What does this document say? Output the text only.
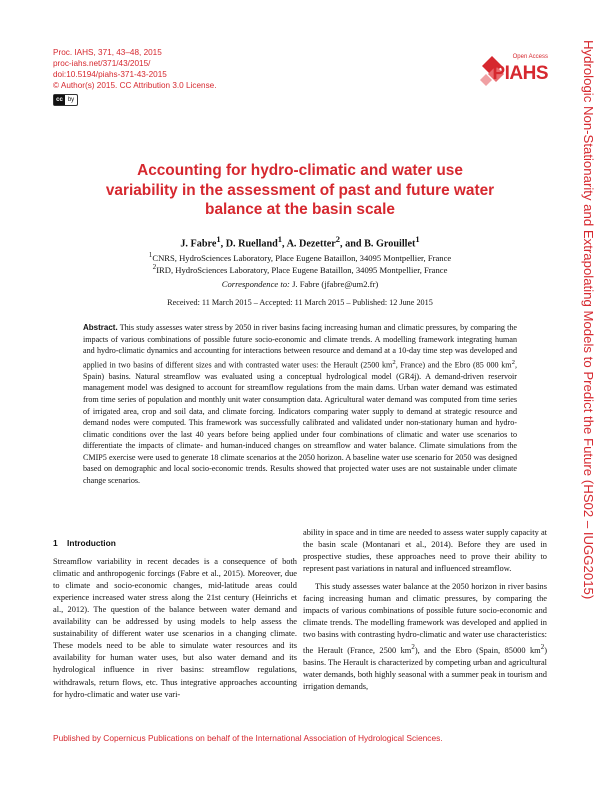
Proc. IAHS, 371, 43–48, 2015
proc-iahs.net/371/43/2015/
doi:10.5194/piahs-371-43-2015
© Author(s) 2015. CC Attribution 3.0 License.
cc by
Open Access
PIAHS	Hydrologic Non-Stationarity and Extrapolating Models to Predict the Future (HS02 – IUGG2015)
Accounting for hydro-climatic and water use variability in the assessment of past and future water balance at the basin scale
J. Fabre$^1$, D. Ruelland$^1$, A. Dezetter$^2$, and B. Grouillet$^1$
$^1$CNRS, HydroSciences Laboratory, Place Eugene Bataillon, 34095 Montpellier, France
$^2$IRD, HydroSciences Laboratory, Place Eugene Bataillon, 34095 Montpellier, France
Correspondence to: J. Fabre (jfabre@um2.fr)
Received: 11 March 2015 – Accepted: 11 March 2015 – Published: 12 June 2015
Abstract. This study assesses water stress by 2050 in river basins facing increasing human and climatic pressures, by comparing the impacts of various combinations of possible future socio-economic and climate trends. A modelling framework integrating human and hydro-climatic dynamics and accounting for interactions between resource and demand at a 10-day time step was developed and applied in two basins of different sizes and with contrasted water uses: the Herault (2500 $km^2$, France) and the Ebro (85 000 $km^2$, Spain) basins. Natural streamflow was evaluated using a conceptual hydrological model (GR4j). A demand-driven reservoir management model was designed to account for streamflow regulations from the main dams. Urban water demand was estimated from time series of population and monthly unit water consumption data. Agricultural water demand was computed from time series of irrigated area, crop and soil data, and climate forcing. Indicators comparing water supply to demand at strategic resource and demand nodes were computed. This framework was successfully calibrated and validated under non-stationary human and hydro-climatic conditions over the last 40 years before being applied under four combinations of climatic and water use scenarios to differentiate the impacts of climate- and human-induced changes on streamflow and water balance. Climate simulations from the CMIP5 exercise were used to generate 18 climate scenarios at the 2050 horizon. A baseline water use scenario for 2050 was designed based on demographic and local socio-economic trends. Results showed that projected water uses are not sustainable under climate change scenarios.
1 Introduction

Streamflow variability in recent decades is a consequence of both climatic and anthropogenic forcings (Fabre et al., 2015). Moreover, due to climate and socio-economic changes, mid-latitude areas could experience increased water stress along the 21st century (Heinrichs et al., 2012). The question of the balance between water demand and availability can be addressed by using models to help assess the sustainability of different water use scenarios in a changing climate. These models need to be able to simulate water resources and its availability for human water uses, but also water demand and its hydrological influence in river basins: streamflow regulations, withdrawals, return flows, etc. Thus integrative approaches accounting for hydro-climatic and water use vari-

ability in space and in time are needed to assess water supply capacity at the basin scale (Montanari et al., 2014). Before they are used in prospective studies, these approaches need to prove their ability to represent past variations in natural and influenced streamflow.

This study assesses water balance at the 2050 horizon in river basins facing increasing human and climatic pressures, by comparing the impacts of various combinations of possible future socio-economic and climate trends. The modelling framework was developed and applied in two basins with contrasting hydro-climatic and water use characteristics: the Herault (France, 2500 $km^2$), and the Ebro (Spain, 85000 $km^2$) basins. The Herault is characterized by competing urban and agricultural water demands, both highly seasonal with a summer peak in tourism and irrigation demands,

Published by Copernicus Publications on behalf of the International Association of Hydrological Sciences.
